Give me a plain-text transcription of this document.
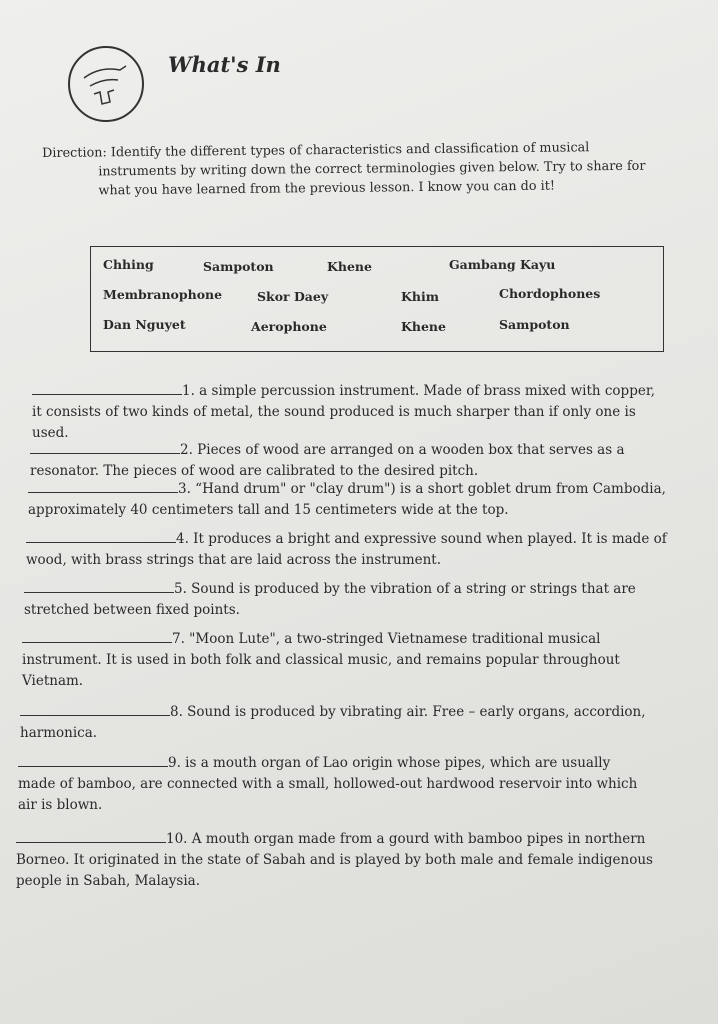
What's In
Direction: Identify the different types of characteristics and classification of musical
instruments by writing down the correct terminologies given below. Try to share for what you have learned from the previous lesson. I know you can do it!
Chhing	Sampoton	Khene	Gambang Kayu
Membranophone	Skor Daey	Khim	Chordophones
Dan Nguyet	Aerophone	Khene	Sampoton
1. a simple percussion instrument. Made of brass mixed with copper, it consists of two kinds of metal, the sound produced is much sharper than if only one is used.
2. Pieces of wood are arranged on a wooden box that serves as a resonator. The pieces of wood are calibrated to the desired pitch.
3. “Hand drum" or "clay drum") is a short goblet drum from Cambodia, approximately 40 centimeters tall and 15 centimeters wide at the top.
4. It produces a bright and expressive sound when played. It is made of wood, with brass strings that are laid across the instrument.
5. Sound is produced by the vibration of a string or strings that are stretched between fixed points.
7. "Moon Lute", a two-stringed Vietnamese traditional musical instrument. It is used in both folk and classical music, and remains popular throughout Vietnam.
8. Sound is produced by vibrating air. Free – early organs, accordion, harmonica.
9. is a mouth organ of Lao origin whose pipes, which are usually made of bamboo, are connected with a small, hollowed-out hardwood reservoir into which air is blown.
10. A mouth organ made from a gourd with bamboo pipes in northern Borneo. It originated in the state of Sabah and is played by both male and female indigenous people in Sabah, Malaysia.
